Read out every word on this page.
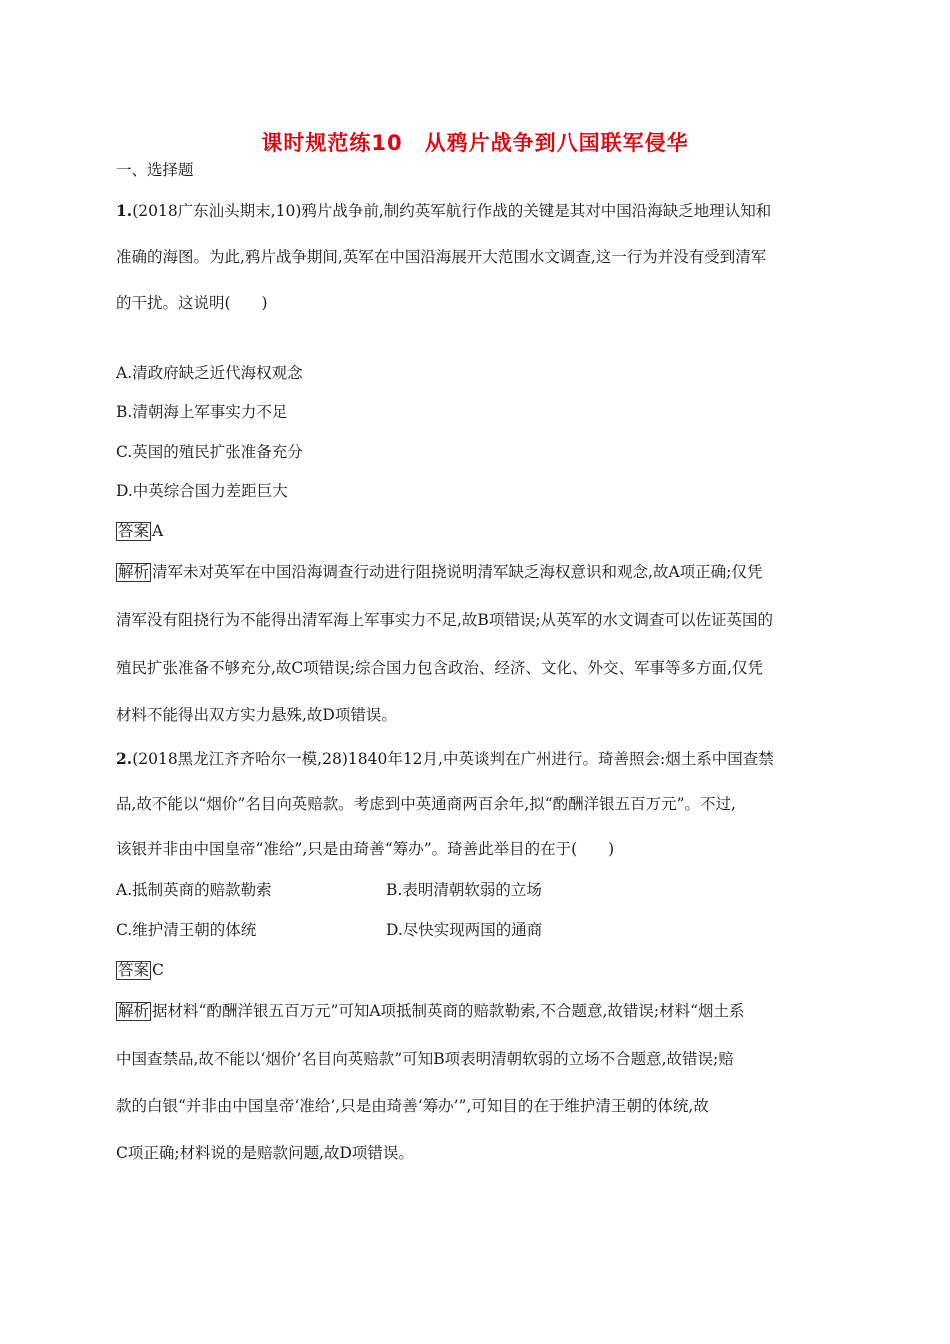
课时规范练10　从鸦片战争到八国联军侵华
一、选择题
1.(2018广东汕头期末,10)鸦片战争前,制约英军航行作战的关键是其对中国沿海缺乏地理认知和
准确的海图。为此,鸦片战争期间,英军在中国沿海展开大范围水文调查,这一行为并没有受到清军
的干扰。这说明(　　)
A.清政府缺乏近代海权观念
B.清朝海上军事实力不足
C.英国的殖民扩张准备充分
D.中英综合国力差距巨大
答案 A
解析 清军未对英军在中国沿海调查行动进行阻挠说明清军缺乏海权意识和观念,故A项正确;仅凭
清军没有阻挠行为不能得出清军海上军事实力不足,故B项错误;从英军的水文调查可以佐证英国的
殖民扩张准备不够充分,故C项错误;综合国力包含政治、经济、文化、外交、军事等多方面,仅凭
材料不能得出双方实力悬殊,故D项错误。
2.(2018黑龙江齐齐哈尔一模,28)1840年12月,中英谈判在广州进行。琦善照会:烟土系中国查禁
品,故不能以“烟价”名目向英赔款。考虑到中英通商两百余年,拟“酌酬洋银五百万元”。不过,
该银并非由中国皇帝“准给”,只是由琦善“筹办”。琦善此举目的在于(　　)
A.抵制英商的赔款勒索	B.表明清朝软弱的立场
C.维护清王朝的体统	D.尽快实现两国的通商
答案 C
解析 据材料“酌酬洋银五百万元”可知A项抵制英商的赔款勒索,不合题意,故错误;材料“烟土系
中国查禁品,故不能以‘烟价’名目向英赔款”可知B项表明清朝软弱的立场不合题意,故错误;赔
款的白银“并非由中国皇帝‘准给’,只是由琦善‘筹办’”,可知目的在于维护清王朝的体统,故
C项正确;材料说的是赔款问题,故D项错误。
